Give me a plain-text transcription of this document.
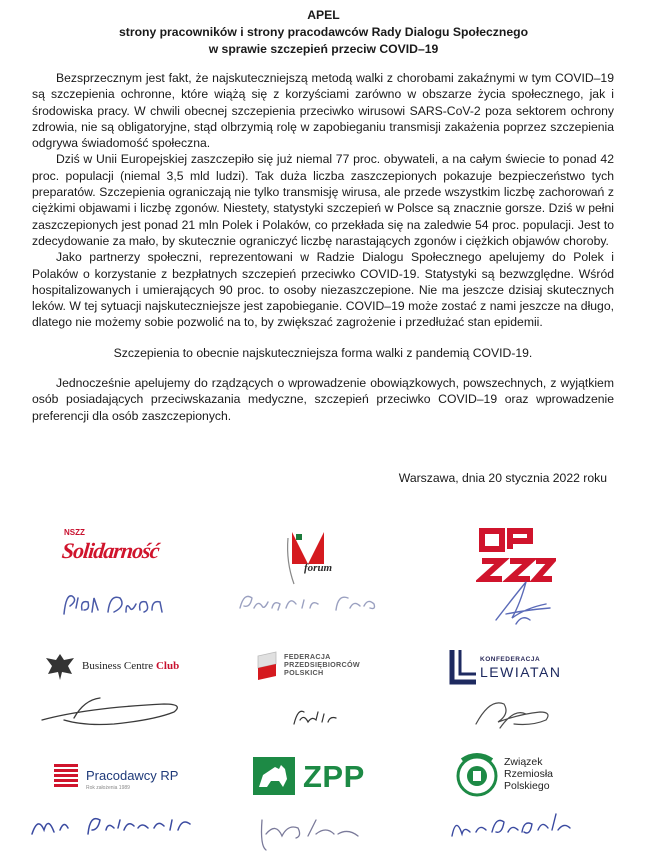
APEL
strony pracowników i strony pracodawców Rady Dialogu Społecznego
w sprawie szczepień przeciw COVID–19

Bezsprzecznym jest fakt, że najskuteczniejszą metodą walki z chorobami zakaźnymi w tym COVID–19 są szczepienia ochronne, które wiążą się z korzyściami zarówno w obszarze życia społecznego, jak i środowiska pracy. W chwili obecnej szczepienia przeciwko wirusowi SARS-CoV-2 poza sektorem ochrony zdrowia, nie są obligatoryjne, stąd olbrzymią rolę w zapobieganiu transmisji zakażenia poprzez szczepienia odgrywa świadomość społeczna.

Dziś w Unii Europejskiej zaszczepiło się już niemal 77 proc. obywateli, a na całym świecie to ponad 42 proc. populacji (niemal 3,5 mld ludzi). Tak duża liczba zaszczepionych pokazuje bezpieczeństwo tych preparatów. Szczepienia ograniczają nie tylko transmisję wirusa, ale przede wszystkim liczbę zachorowań z ciężkimi objawami i liczbę zgonów. Niestety, statystyki szczepień w Polsce są znacznie gorsze. Dziś w pełni zaszczepionych jest ponad 21 mln Polek i Polaków, co przekłada się na zaledwie 54 proc. populacji. Jest to zdecydowanie za mało, by skutecznie ograniczyć liczbę narastających zgonów i ciężkich objawów choroby.

Jako partnerzy społeczni, reprezentowani w Radzie Dialogu Społecznego apelujemy do Polek i Polaków o korzystanie z bezpłatnych szczepień przeciwko COVID-19. Statystyki są bezwzględne. Wśród hospitalizowanych i umierających 90 proc. to osoby niezaszczepione. Nie ma jeszcze dzisiaj skutecznych leków. W tej sytuacji najskuteczniejsze jest zapobieganie. COVID–19 może zostać z nami jeszcze na długo, dlatego nie możemy sobie pozwolić na to, by zwiększać zagrożenie i przedłużać stan epidemii.

Szczepienia to obecnie najskuteczniejsza forma walki z pandemią COVID-19.

Jednocześnie apelujemy do rządzących o wprowadzenie obowiązkowych, powszechnych, z wyjątkiem osób posiadających przeciwskazania medyczne, szczepień przeciwko COVID–19 oraz wprowadzenie preferencji dla osób zaszczepionych.

Warszawa, dnia 20 stycznia 2022 roku
NSZZ
Solidarność
forum
Business Centre Club
FEDERACJA
PRZEDSIĘBIORCÓW
POLSKICH
KONFEDERACJA
LEWIATAN
Pracodawcy RP
Rok założenia 1989	ZPP	Związek
Rzemiosła
Polskiego
